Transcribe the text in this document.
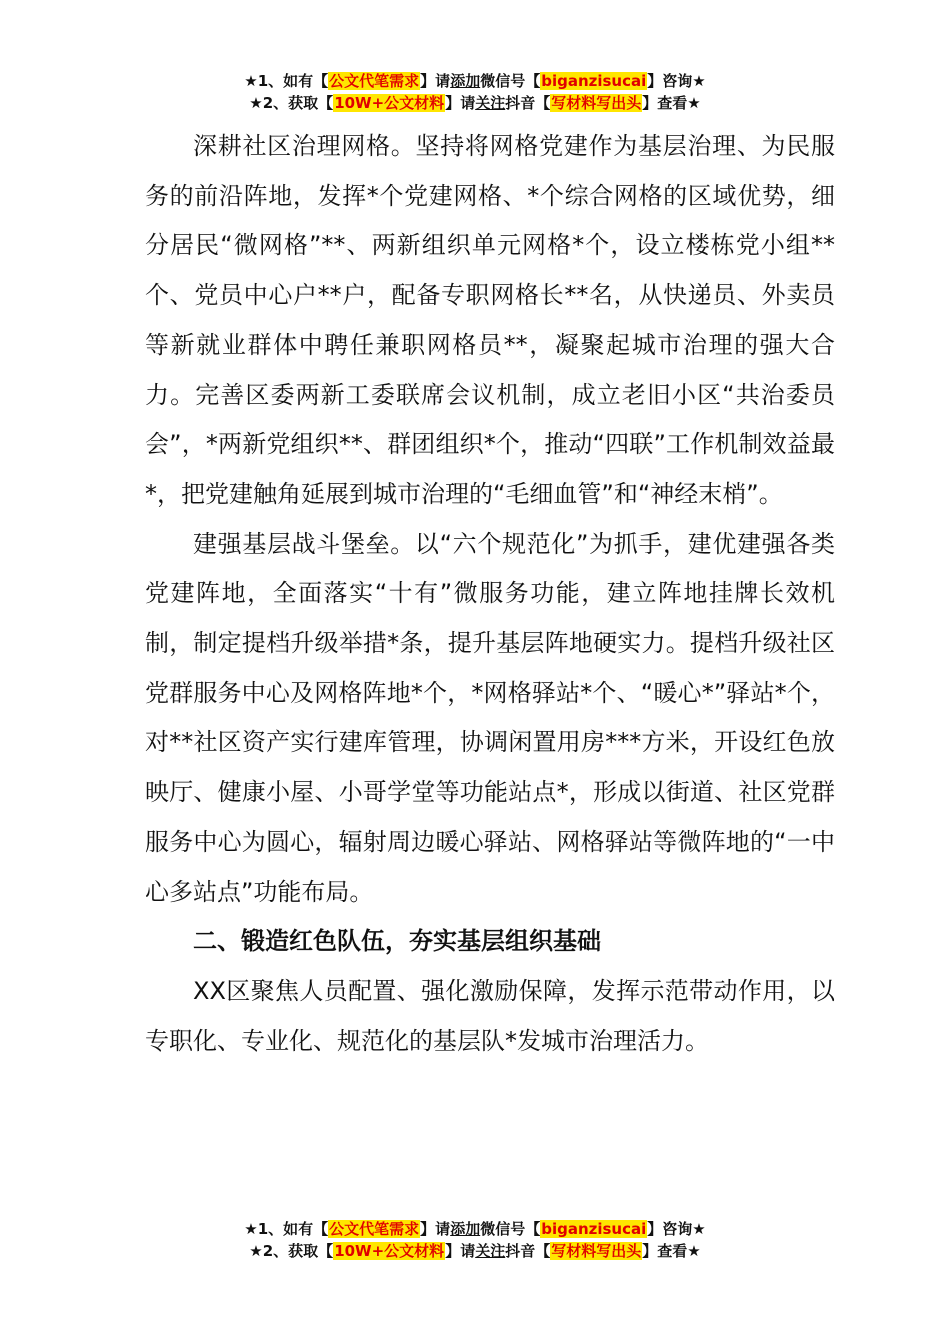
★1、如有【公文代笔需求】请添加微信号【biganzisucai】咨询★
★2、获取【10W+公文材料】请关注抖音【写材料写出头】查看★

深耕社区治理网格。坚持将网格党建作为基层治理、为民服务的前沿阵地，发挥*个党建网格、*个综合网格的区域优势，细分居民“微网格”**、两新组织单元网格*个，设立楼栋党小组**个、党员中心户**户，配备专职网格长**名，从快递员、外卖员等新就业群体中聘任兼职网格员**，凝聚起城市治理的强大合力。完善区委两新工委联席会议机制，成立老旧小区“共治委员会”，*两新党组织**、群团组织*个，推动“四联”工作机制效益最*，把党建触角延展到城市治理的“毛细血管”和“神经末梢”。

建强基层战斗堡垒。以“六个规范化”为抓手，建优建强各类党建阵地，全面落实“十有”微服务功能，建立阵地挂牌长效机制，制定提档升级举措*条，提升基层阵地硬实力。提档升级社区党群服务中心及网格阵地*个，*网格驿站*个、“暖心*”驿站*个，对**社区资产实行建库管理，协调闲置用房***方米，开设红色放映厅、健康小屋、小哥学堂等功能站点*，形成以街道、社区党群服务中心为圆心，辐射周边暖心驿站、网格驿站等微阵地的“一中心多站点”功能布局。

二、锻造红色队伍，夯实基层组织基础

XX区聚焦人员配置、强化激励保障，发挥示范带动作用，以专职化、专业化、规范化的基层队*发城市治理活力。

★1、如有【公文代笔需求】请添加微信号【biganzisucai】咨询★
★2、获取【10W+公文材料】请关注抖音【写材料写出头】查看★
